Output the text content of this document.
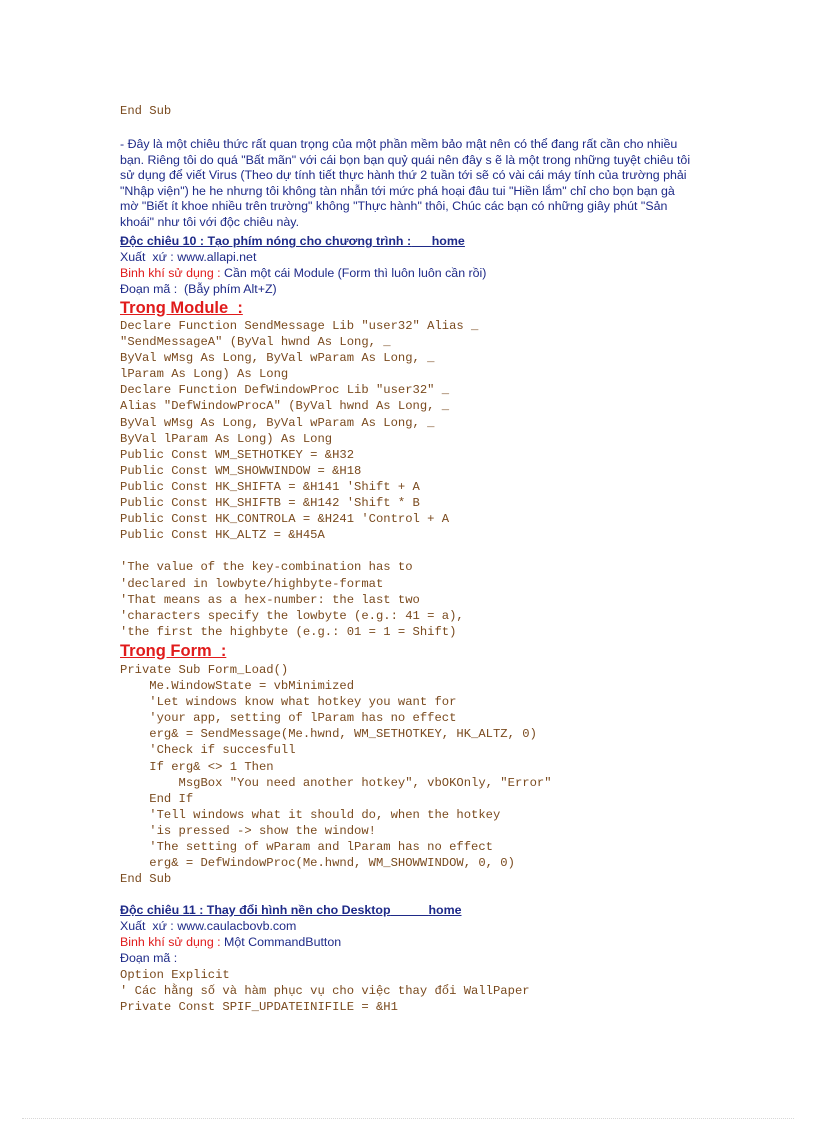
End Sub

- Đây là một chiêu thức rất quan trọng của một phần mềm bảo mật nên có thể đang rất cần cho nhiều bạn. Riêng tôi do quá "Bất mãn" với cái bọn bạn quỷ quái nên đây s ẽ là một trong những tuyệt chiêu tôi sử dụng để viết Virus (Theo dự tính tiết thực hành thứ 2 tuần tới sẽ có vài cái máy tính của trường phải "Nhập viện") he he nhưng tôi không tàn nhẫn tới mức phá hoại đâu tui "Hiền lắm" chỉ cho bọn bạn gà mờ "Biết ít khoe nhiều trên trường" không "Thực hành" thôi, Chúc các bạn có những giây phút "Sản khoái" như tôi với độc chiêu này.

Độc chiêu 10 : Tạo phím nóng cho chương trình : home
Xuất  xứ : www.allapi.net
Binh khí sử dụng : Cần một cái Module (Form thì luôn luôn cần rồi)
Đoạn mã :  (Bẫy phím Alt+Z)
Trong Module  :
Declare Function SendMessage Lib "user32" Alias _
"SendMessageA" (ByVal hwnd As Long, _
ByVal wMsg As Long, ByVal wParam As Long, _
lParam As Long) As Long
Declare Function DefWindowProc Lib "user32" _
Alias "DefWindowProcA" (ByVal hwnd As Long, _
ByVal wMsg As Long, ByVal wParam As Long, _
ByVal lParam As Long) As Long
Public Const WM_SETHOTKEY = &H32
Public Const WM_SHOWWINDOW = &H18
Public Const HK_SHIFTA = &H141 'Shift + A
Public Const HK_SHIFTB = &H142 'Shift * B
Public Const HK_CONTROLA = &H241 'Control + A
Public Const HK_ALTZ = &H45A

'The value of the key-combination has to
'declared in lowbyte/highbyte-format
'That means as a hex-number: the last two
'characters specify the lowbyte (e.g.: 41 = a),
'the first the highbyte (e.g.: 01 = 1 = Shift)
Trong Form  :
Private Sub Form_Load()
Me.WindowState = vbMinimized
'Let windows know what hotkey you want for
'your app, setting of lParam has no effect
erg& = SendMessage(Me.hwnd, WM_SETHOTKEY, HK_ALTZ, 0)
'Check if succesfull
If erg& <> 1 Then
MsgBox "You need another hotkey", vbOKOnly, "Error"
End If
'Tell windows what it should do, when the hotkey
'is pressed -> show the window!
'The setting of wParam and lParam has no effect
erg& = DefWindowProc(Me.hwnd, WM_SHOWWINDOW, 0, 0)
End Sub
Độc chiêu 11 : Thay đổi hình nền cho Desktop	home
Xuất  xứ : www.caulacbovb.com
Binh khí sử dụng : Một CommandButton
Đoạn mã :
Option Explicit
' Các hằng số và hàm phục vụ cho việc thay đổi WallPaper
Private Const SPIF_UPDATEINIFILE = &H1
